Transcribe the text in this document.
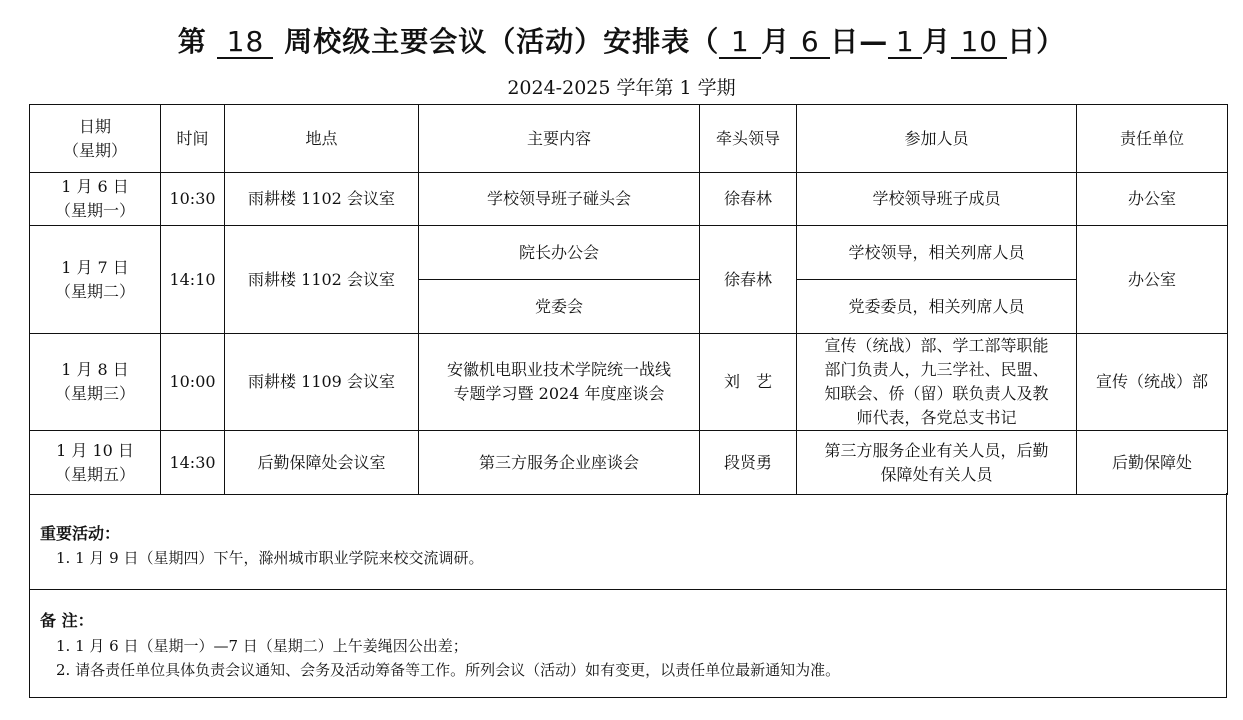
第 18 周校级主要会议（活动）安排表（ 1 月 6 日— 1 月 10 日）
2024-2025 学年第 1 学期
日期
（星期）	时间	地点	主要内容	牵头领导	参加人员	责任单位

1 月 6 日
（星期一）	10:30	雨耕楼 1102 会议室	学校领导班子碰头会	徐春林	学校领导班子成员	办公室

1 月 7 日
（星期二）	14:10	雨耕楼 1102 会议室	院长办公会	徐春林	学校领导，相关列席人员	办公室
			党委会		党委委员，相关列席人员	

1 月 8 日
（星期三）	10:00	雨耕楼 1109 会议室	安徽机电职业技术学院统一战线
专题学习暨 2024 年度座谈会	刘　艺	宣传（统战）部、学工部等职能
部门负责人，九三学社、民盟、
知联会、侨（留）联负责人及教
师代表，各党总支书记	宣传（统战）部

1 月 10 日
（星期五）	14:30	后勤保障处会议室	第三方服务企业座谈会	段贤勇	第三方服务企业有关人员，后勤
保障处有关人员	后勤保障处
重要活动：
1. 1 月 9 日（星期四）下午，滁州城市职业学院来校交流调研。
备 注：
1. 1 月 6 日（星期一）—7 日（星期二）上午姜绳因公出差；
2. 请各责任单位具体负责会议通知、会务及活动筹备等工作。所列会议（活动）如有变更，以责任单位最新通知为准。
